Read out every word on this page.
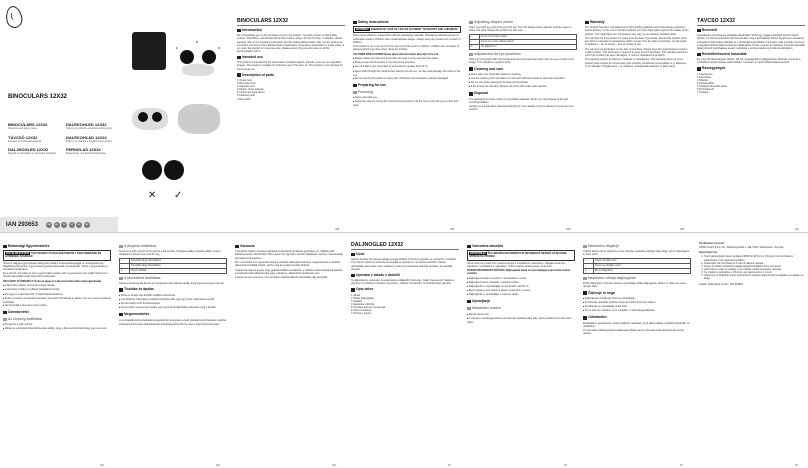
BINOCULARS 12X32
BINOCULARS 12X32
Operation and safety notes
DALEKOHLED 12X32
Pokyny pro obsluhu a bezpečnostní pokyny
TÁVCSŐ 12X32
Kezelési és biztonsági utalások
DALEKOHĽAD 12X32
Pokyny na obsluhu a bezpečnostné pokyny
DALJNOGLED 12X32
Napotki za upravljanje in varnostna opozorila
FERNGLAS 12X32
Bedienungs- und Sicherheitshinweise
IAN 293653	GB	HU	SI	CZ	SK	DE
1	3
5
✕ ✓
BINOCULARS 12X32
Introduction

We congratulate you on the purchase of your new product. You have chosen a high quality product. Familiarise yourself with the product before using it for the first time. In addition, please carefully refer to the operating instructions and the safety advice below. Only use the product as instructed and only for the indicated field of application. Keep these instructions in a safe place. If you pass the product on to anyone else, please ensure that you also pass on all the documentation with it.

Intended use

This product is intended for the observation of distant objects, animals, trees etc. as magnified images. The product is suitable for protected use in the open air. The product is not intended for commercial use.

Description of parts
1 Ocular lens
2 Binocular body
3 Objective lens
4 Diopter vision adjuster
5 Central focusing wheel
6 Cleaning cloth
7 Belt pouch
Safety instructions
WARNING! DANGER OF LOSS OF LIFE OR ACCIDENT TO INFANTS AND CHILDREN!

Never leave children unsupervised with the packaging materials. Packaging materials present a suffocation hazard. Children often underestimate danger. Always keep the product out of reach of children.

This product is not a toy and must be kept out of the reach of children. Children are not aware of dangers which may arise when using the product.

CAUTION! FIRE HAZARD! Never place the binoculars directly in the sun.

■ Please make sure that your binoculars are kept in a dry and dust-free place.
■ Always keep the binoculars in the belt pouch provided.
■ Do not subject your binoculars to temperatures greater than 60 °C.
■ Never look through the inbuilt lenses directly into the sun, as this could damage the retina of the eye.
■ Do not use the binoculars in heavy rain. Otherwise the binoculars could be damaged.
Preparing for use
Focusing
■ Close your right eye.
■ Adjust the view by turning the central focusing wheel until the tree on the left eye is sharp and clear.
Adjusting diopter vision

Open your right eye and close your left eye. Turn the diopter vision adjuster until the object is sharp and clear. Retain this position for later use.

+	Focus on a closer object
–	Focus on a more distant object
0	No adjustment
Adjustment for eye positions

Hold your binoculars with both hands and move the binocular body until you see a single round image. This should be a perfect circle.

Cleaning and care
■ Never take your binoculars apart for cleaning.
■ Use the cleaning cloth provided or a soft cloth without threads to clean the binoculars.
■ Do not use sharp detergents to clean the binoculars.
■ If the lenses are still dirty, dampen the cloth with a little clean alcohol.
Disposal

The packaging is made entirely of recyclable materials, which you may dispose of at local recycling facilities.

Contact your local refuse disposal authority for more details of how to dispose of your worn-out product.

Warranty

The product has been manufactured to strict quality guidelines and meticulously examined before delivery. In the event of product defects you have legal rights against the retailer of this product. Your legal rights are not limited in any way by our warranty detailed below.

The warranty for this product is 3 years from the date of purchase. Should this product show any fault in materials or manufacture within 3 years from the date of purchase, we will repair or replace it – at our choice – free of charge to you.

The warranty period begins on the date of purchase. Please keep the original sales receipt in a safe location. This document is required as your proof of purchase. This warranty becomes void if the product has been damaged, or used or maintained improperly.

The warranty applies to defects in material or manufacture. This warranty does not cover product parts subject to normal wear, thus possibly considered consumables (e.g. batteries) or for damage to fragile parts, e.g. switches, rechargeable batteries or glass parts.

TÁVCSŐ 12X32
Bevezető

Gratulálunk új termékének vásárlása alkalmából. Ezzel egy magas minőségű termék mellett döntött. Az első üzembevétel előtt ismerkedjen meg a készülékkel. Ehhez figyelmesen olvassa el a következő Használati utasítást és a biztonsági tudnivalókat. A terméket csak a leírtak szerint és a megadott felhasználási területeken alkalmazza. Őrizze meg ezt az utasítást. A termék harmadik félnek történő továbbadása esetén mellékelje a termék valamennyi dokumentációját is.

Rendeltetésszerű használat

Ez a termék távoli tárgyak, állatok, fák stb. megnagyított megfigyelésére alkalmas. A termék a szabadban védett helyeken használható. A termék nem ipari felhasználásra készült.

Részegységek
1 Szemlencse
2 Távcsőtest
3 Objektív
4 Dioptria-állító
5 Középső fókuszáló kerék
6 Tisztítókendő
7 Övtáska
GB	GB	GB	GB	HU
Biztonsági figyelmeztetés
FIGYELMEZTETÉS! ÉLETVESZÉLY ÉS BALESETVESZÉLY KISGYERMEKEK ÉS GYEREKEK SZÁMÁRA!

Soha ne hagyja a gyermekeket felügyelet nélkül a csomagolóanyaggal. A csomagolóanyag fulladásveszélyt jelent. A gyermekek gyakran lebecsülik a veszélyeket. Tartsa a gyermekeket a terméktől mindig távol.

Ez a termék nem játék és nem a gyermekek kezébe való. A gyermekek nem tudják felismerni a termék használata során felmerülő veszélyeket.

VIGYÁZAT! TŰZVESZÉLY! Soha ne tegye ki a távcsövet közvetlen napsugárzásnak.

■ A távcsövet száraz, pormentes helyen tárolja.
■ A távcsövet mindig a mellékelt övtáskában tárolja.
■ Ne tegye ki a távcsövet 60 °C feletti hőmérsékletnek.
■ Soha ne nézzen a beépített lencséken keresztül közvetlenül a napba, mert ez a retina sérülését okozhatja.
■ Ne használja a távcsövet erős esőben.
Üzembevétel
Az élesség beállítása
■ Hunyja be a jobb szemét.
■ Állítsa be a középső fókuszáló kereket addig, amíg a bal szemmel látott tárgy éles nem lesz.
A dioptria beállítása

Nyissa ki a jobb szemét és hunyja be a bal szemét. Forgassa addig a dioptria-állítót, amíg a célobjektum élesen nem jelenik meg.

+	Közelebbi tárgy fókuszálása
–	Távolabbi tárgy fókuszálása
0	Nincs beállítás
A távcsőtest beállítása

Tartsa a távcsövet két kézzel és mozgassa a távcsőtestet addig, amíg egy kerek képet nem lát.

Tisztítás és ápolás
■ Soha ne szedje szét tisztítás céljából a távcsövet.
■ A tisztításhoz használja a mellékelt tisztítókendőt vagy egy puha, szálmentes kendőt.
■ Ne használjon erős tisztítószereket.
■ Amennyiben szennyezett marad, egy kevés tiszta alkohollal nedvesítse meg a kendőt.
Megsemmisítés

A csomagolás környezetbarát anyagokból áll, amelyeket a helyi újrahasznosító helyeken leadhat.

A kiselejtezett termék ártalmatlanítási lehetőségeiről kérdezze meg a helyi önkormányzatot.

Garancia

A terméket szigorú minőségi előírások betartásával gondosan gyártottuk, és szállítás előtt lelkiismeretesen ellenőriztük. Hiba esetén Ön jogosult a termék eladójával szemben szavatossági igényeket érvényesíteni.

Erre a termékre 3 év garanciát adunk a vásárlás dátumától számítva. A garancia idő a vásárlás dátumával kezdődik. Kérjük, őrizze meg az eredeti pénztári blokkot.

A garancia csak az anyag- vagy gyártási hibákra vonatkozik, a szállítás során keletkezett károkra, a kopásnak kitett alkatrészekre vagy a törékeny alkatrészek sérüléseire nem.

A garancia nem érvényes, ha a terméket szakszerűtlenül használták vagy javították.

DALJNOGLED 12X32
Uvod

Iskreno čestitke ob nakupu vašega novega izdelka. Pred prvo uporabo se seznanite z izdelkom. V ta namen natančno preberite ta navodila za uporabo in varnostna opozorila. Izdelek uporabljajte samo tako, kot je opisano, in samo za navedena področja uporabe. Ta navodila shranite.

Uporaba v skladu z določili

Ta daljnogled je namenjen za opazovanje oddaljenih predmetov, živali, drevesa ipd. Izdelek je primeren za zaščiteno uporabo na prostem. Izdelek ni predviden za profesionalno uporabo.

Opis delov
1 Okular
2 Ohišje daljnogleda
3 Objektiv
4 Nastavitev dioptrije
5 Osrednje kolesce za ostrenje
6 Krpa za čiščenje
7 Torbica s pasom
Varnostna navodila
OPOZORILO! ŽIVLJENJSKA NEVARNOST IN NEVARNOST NESREČ ZA MAJHNE OTROKE IN OTROKE!

Otrok nikoli ne pustite brez nadzora skupaj z embalažnim materialom. Obstaja nevarnost zadušitve z embalažnim materialom. Otroci pogosto podcenjujejo nevarnosti.

POZOR! NEVARNOST POŽARA! Daljnogleda nikoli ne izpostavljajte neposredni sončni svetlobi.

■ Daljnogled hranite na suhem in brezprašnem mestu.
■ Daljnogled vedno shranjujte v priloženi torbici.
■ Daljnogleda ne izpostavljajte temperaturam nad 60 °C.
■ Skozi vgrajene leče nikoli ne glejte neposredno v sonce.
■ Daljnogleda ne uporabljajte v močnem dežju.
Upravljanje
Nastavitev ostrine
■ Zaprite desno oko.
■ Z vrtenjem osrednjega kolesca za ostrenje nastavite sliko tako, da bo predmet levo oko ostro videlo.
Nastavitev dioptrije

Odprite desno oko in zaprite levo oko. Zavrtite nastavitev dioptrije tako dolgo, da bo objekt jasno in ostro viden.

+	Fokus na bližji motiv
–	Fokus na oddaljen motiv
0	Brez prilagoditve
Nastavitev ohišja daljnogleda

Držite daljnogled z obema rokama in premikajte ohišje daljnogleda, dokler ne vidite ene same okrogle slike.

Čiščenje in nega
■ Daljnogleda za čiščenje nikoli ne razstavljajte.
■ Za čiščenje uporabite priloženo krpo ali mehko krpo brez vlaken.
■ Za čiščenje ne uporabljajte ostrih čistil.
■ Če so leče še umazane, krpo navlažite z malo čistega alkohola.
Odstranitev

Embalaža je sestavljena iz okolju prijaznih materialov, ki jih lahko oddate v lokalnih zbiralnikih za recikliranje.

O možnostih odstranjevanja izrabljenega izdelka vas bo obvestila vaša občinska ali mestna uprava.

Pooblaščeni serviser:

OWIM GmbH & Co. KG, Stiftsbergstraße 1, DE-74167 Neckarsulm, Nemčija

Garancijski list

1. S tem garancijskim listom podjetje OWIM GmbH & Co. KG jamči, da bo izdelek v garancijskem roku deloval brezhibno.
2. Garancijski rok za izdelek je 3 leta od datuma nakupa.
3. Kupec je dolžan morebitno napako prijaviti pooblaščenemu serviserju.
4. Garancija ne velja za napake, ki so nastale zaradi nepravilne uporabe.
5. Če izdelek ni popravljen v 45 dneh, ga nadomestimo z novim.
6. Garancija ne izključuje pravic potrošnika iz naslova odgovornosti prodajalca za napake na blagu.

Izdelek: Daljnogled 12x32 · IAN 293653

HU	HU	HU	SI	SI	SI	SI
